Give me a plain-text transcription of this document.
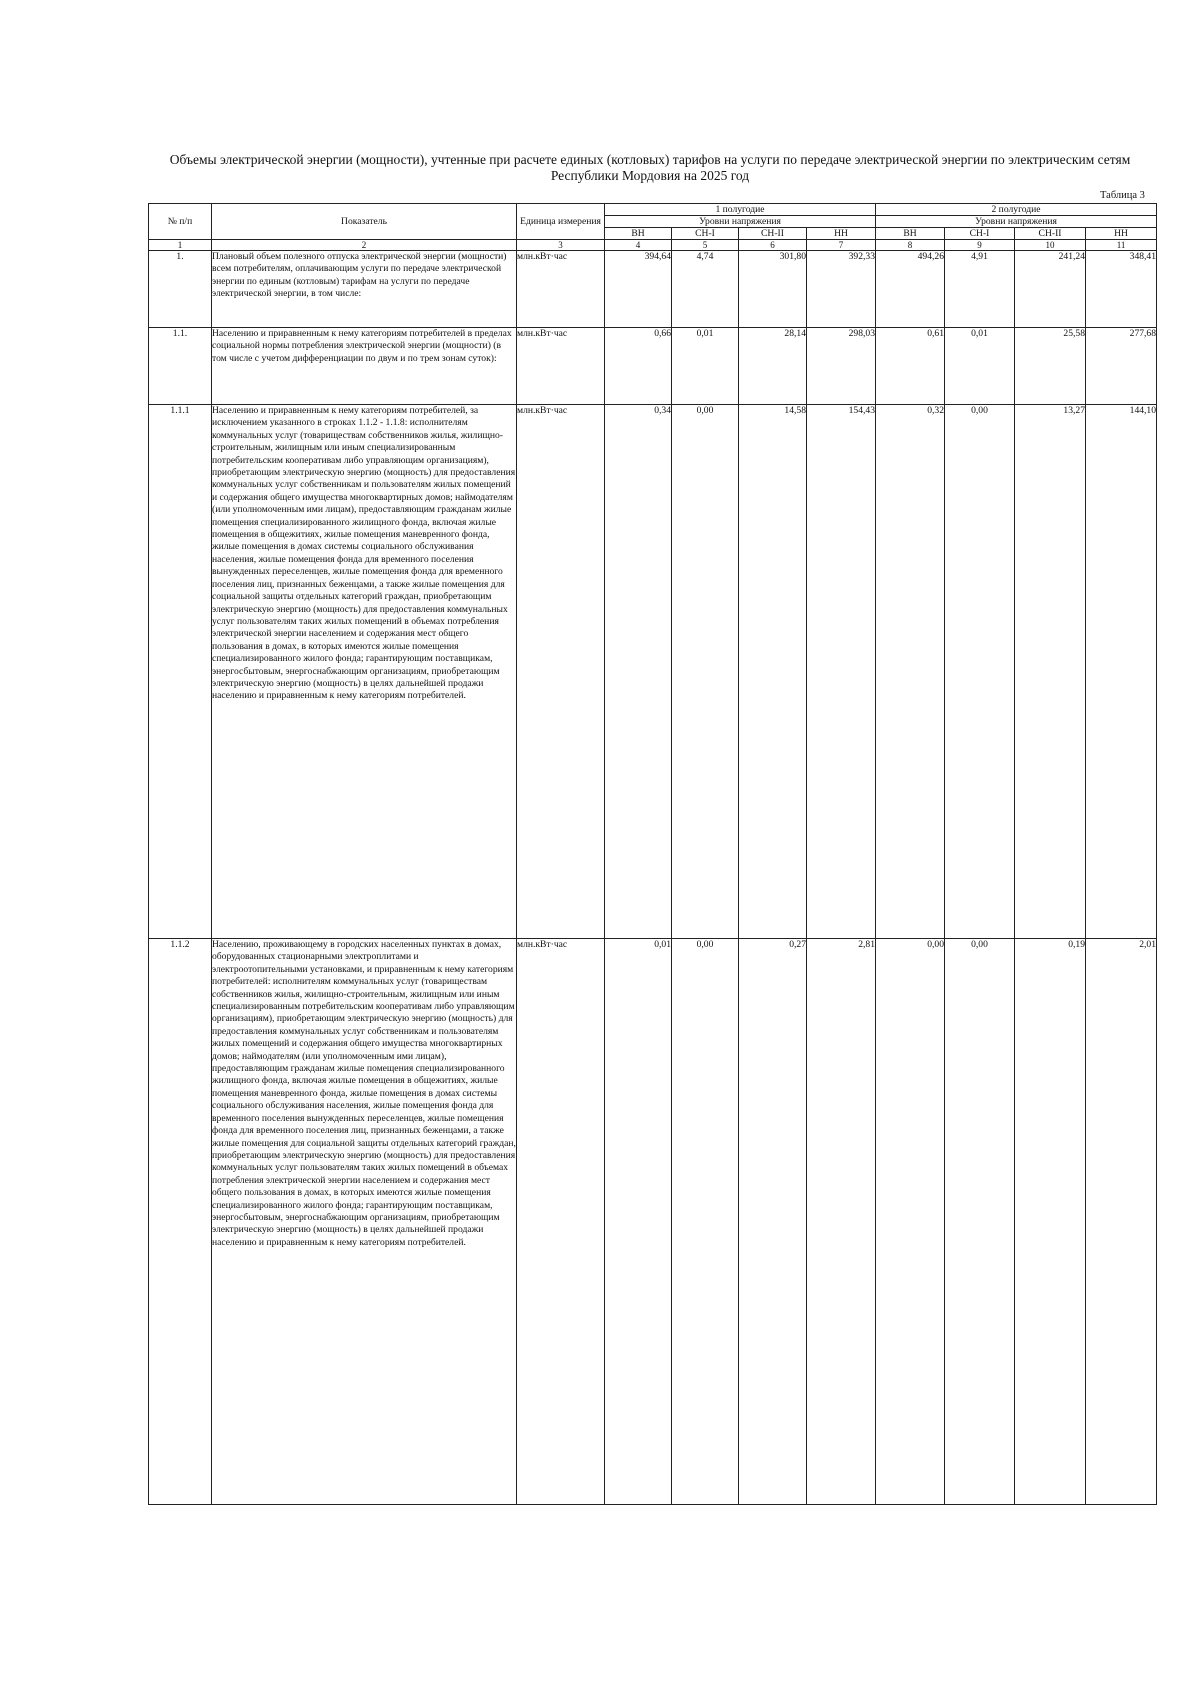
Объемы электрической энергии (мощности), учтенные при расчете единых (котловых) тарифов на услуги по передаче электрической энергии по электрическим сетям Республики Мордовия на 2025 год
Таблица 3
№ п/п	Показатель	Единица измерения	1 полугодие				2 полугодие			
			Уровни напряжения				Уровни напряжения			
			ВН	СН-I	СН-II	НН	ВН	СН-I	СН-II	НН
1	2	3	4	5	6	7	8	9	10	11
1.	Плановый объем полезного отпуска электрической энергии (мощности) всем потребителям, оплачивающим услуги по передаче электрической энергии по единым (котловым) тарифам на услуги по передаче электрической энергии, в том числе:	млн.кВт·час	394,64	4,74	301,80	392,33	494,26	4,91	241,24	348,41
1.1.	Населению и приравненным к нему категориям потребителей в пределах социальной нормы потребления электрической энергии (мощности) (в том числе с учетом дифференциации по двум и по трем зонам суток):	млн.кВт·час	0,66	0,01	28,14	298,03	0,61	0,01	25,58	277,68
1.1.1	Населению и приравненным к нему категориям потребителей, за исключением указанного в строках 1.1.2 - 1.1.8: исполнителям коммунальных услуг (товариществам собственников жилья, жилищно-строительным, жилищным или иным специализированным потребительским кооперативам либо управляющим организациям), приобретающим электрическую энергию (мощность) для предоставления коммунальных услуг собственникам и пользователям жилых помещений и содержания общего имущества многоквартирных домов; наймодателям (или уполномоченным ими лицам), предоставляющим гражданам жилые помещения специализированного жилищного фонда, включая жилые помещения в общежитиях, жилые помещения маневренного фонда, жилые помещения в домах системы социального обслуживания населения, жилые помещения фонда для временного поселения вынужденных переселенцев, жилые помещения фонда для временного поселения лиц, признанных беженцами, а также жилые помещения для социальной защиты отдельных категорий граждан, приобретающим электрическую энергию (мощность) для предоставления коммунальных услуг пользователям таких жилых помещений в объемах потребления электрической энергии населением и содержания мест общего пользования в домах, в которых имеются жилые помещения специализированного жилого фонда; гарантирующим поставщикам, энергосбытовым, энергоснабжающим организациям, приобретающим электрическую энергию (мощность) в целях дальнейшей продажи населению и приравненным к нему категориям потребителей.	млн.кВт·час	0,34	0,00	14,58	154,43	0,32	0,00	13,27	144,10
1.1.2	Населению, проживающему в городских населенных пунктах в домах, оборудованных стационарными электроплитами и электроотопительными установками, и приравненным к нему категориям потребителей: исполнителям коммунальных услуг (товариществам собственников жилья, жилищно-строительным, жилищным или иным специализированным потребительским кооперативам либо управляющим организациям), приобретающим электрическую энергию (мощность) для предоставления коммунальных услуг собственникам и пользователям жилых помещений и содержания общего имущества многоквартирных домов; наймодателям (или уполномоченным ими лицам), предоставляющим гражданам жилые помещения специализированного жилищного фонда, включая жилые помещения в общежитиях, жилые помещения маневренного фонда, жилые помещения в домах системы социального обслуживания населения, жилые помещения фонда для временного поселения вынужденных переселенцев, жилые помещения фонда для временного поселения лиц, признанных беженцами, а также жилые помещения для социальной защиты отдельных категорий граждан, приобретающим электрическую энергию (мощность) для предоставления коммунальных услуг пользователям таких жилых помещений в объемах потребления электрической энергии населением и содержания мест общего пользования в домах, в которых имеются жилые помещения специализированного жилого фонда; гарантирующим поставщикам, энергосбытовым, энергоснабжающим организациям, приобретающим электрическую энергию (мощность) в целях дальнейшей продажи населению и приравненным к нему категориям потребителей.	млн.кВт·час	0,01	0,00	0,27	2,81	0,00	0,00	0,19	2,01
